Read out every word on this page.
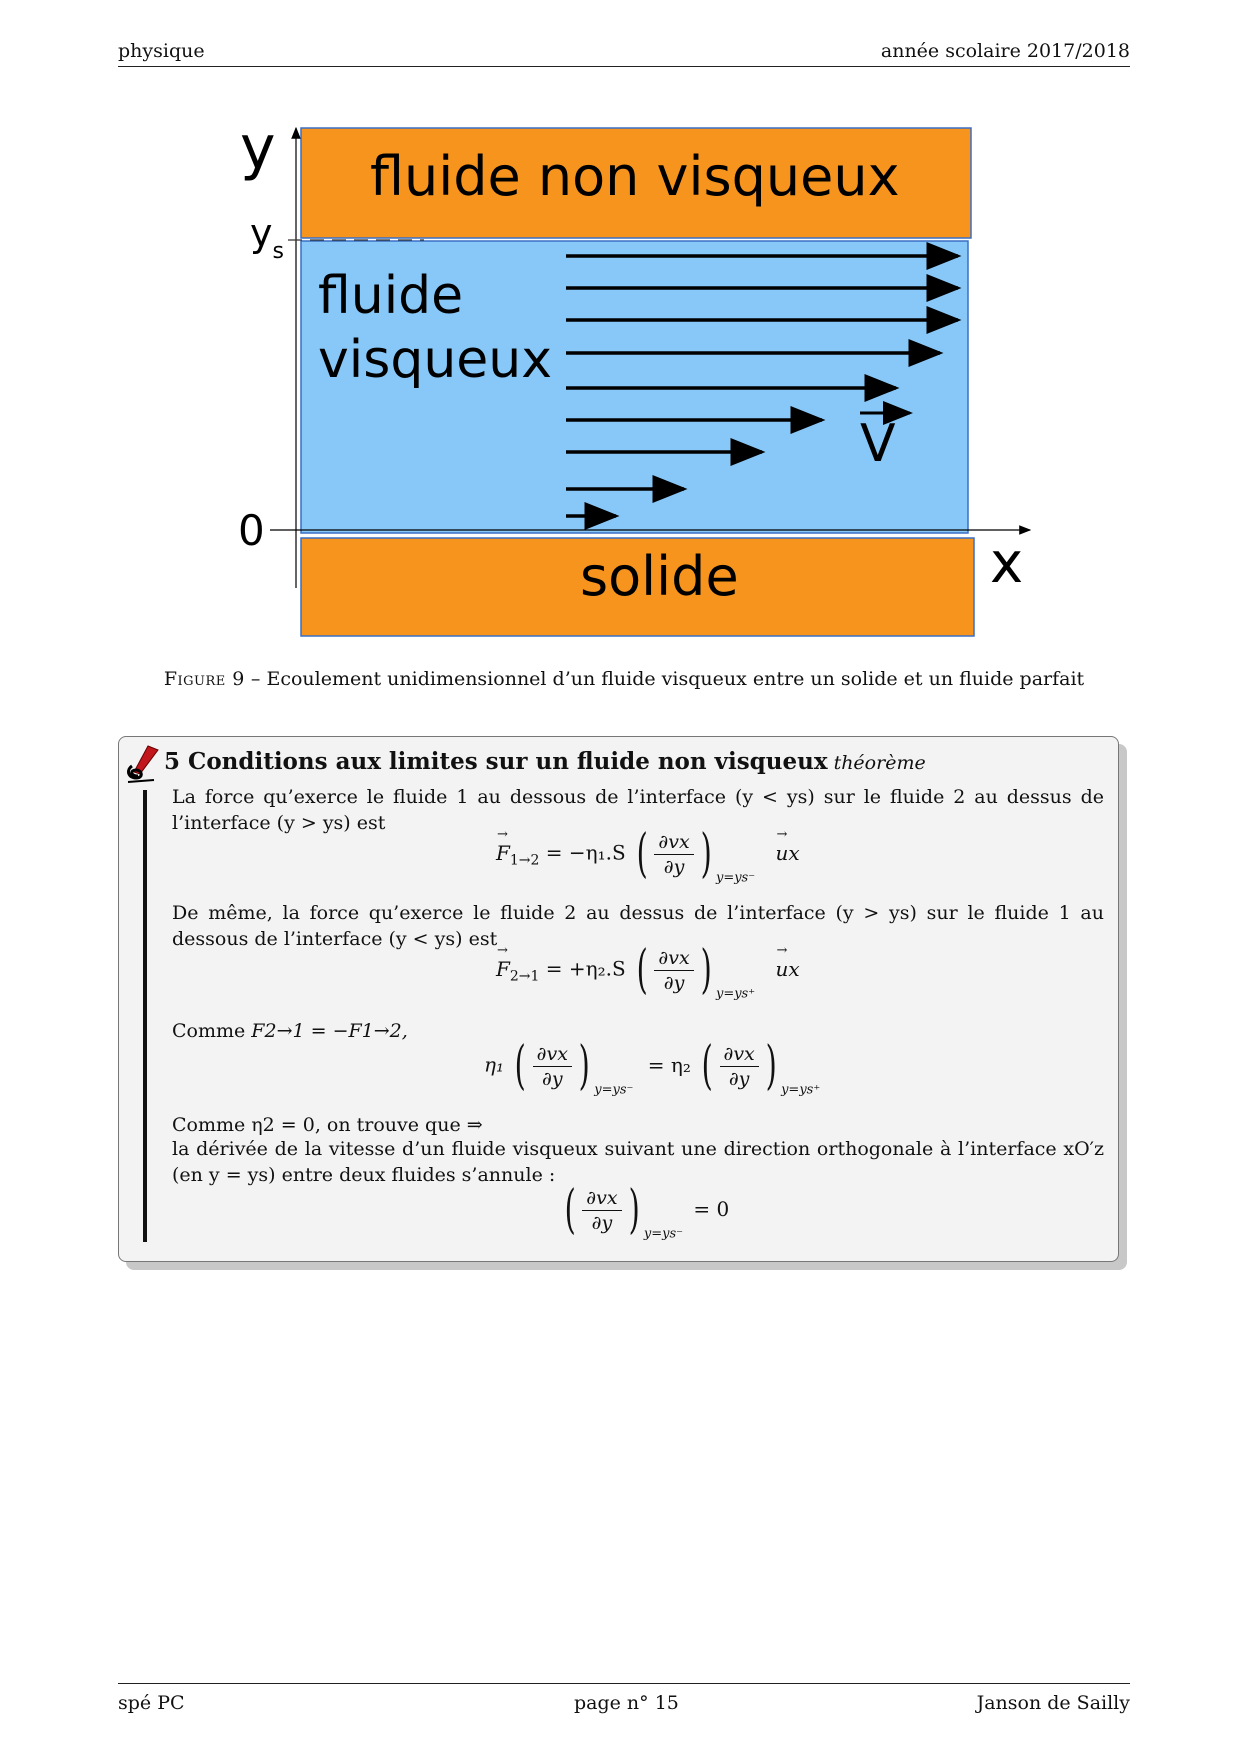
physique	année scolaire 2017/2018
fluide non visqueux
fluide
visqueux
solide
y
x
$y_s$
0
V
Figure 9 – Ecoulement unidimensionnel d’un fluide visqueux entre un solide et un fluide parfait
5 Conditions aux limites sur un fluide non visqueux théorème
La force qu’exerce le fluide 1 au dessous de l’interface (y < ys) sur le fluide 2 au dessus de l’interface (y > ys) est
→ $F_{1\to 2} = -\eta_1.S$ ( $\frac{\partial vx}{\partial y}$ ) $_{y=ys^-}$ → ux
De même, la force qu’exerce le fluide 2 au dessus de l’interface (y > ys) sur le fluide 1 au dessous de l’interface (y < ys) est
→ $F_{2\to 1} = +\eta_2.S$ ( $\frac{\partial vx}{\partial y}$ ) $_{y=ys^+}$ → ux
Comme F2→1 = −F1→2,
η₁ ( $\frac{\partial vx}{\partial y}$ ) $_{y=ys^-}$ = η₂ ( $\frac{\partial vx}{\partial y}$ ) $_{y=ys^+}$
Comme η2 = 0, on trouve que ⇒
la dérivée de la vitesse d’un fluide visqueux suivant une direction orthogonale à l’interface xO′z (en y = ys) entre deux fluides s’annule :
( $\frac{\partial vx}{\partial y}$ ) $_{y=ys^-}$ = 0
spé PC	page n° 15	Janson de Sailly
